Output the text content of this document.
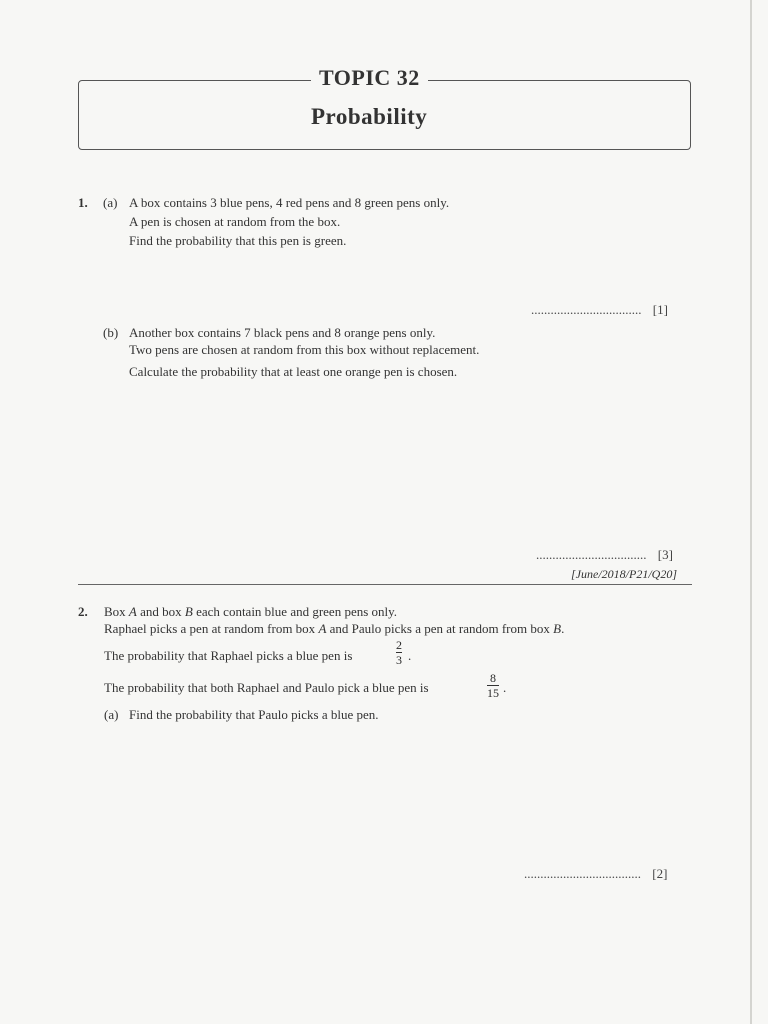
TOPIC 32
Probability
1. (a) A box contains 3 blue pens, 4 red pens and 8 green pens only.
A pen is chosen at random from the box.
Find the probability that this pen is green.
.................................. [1]
(b) Another box contains 7 black pens and 8 orange pens only.
Two pens are chosen at random from this box without replacement.
Calculate the probability that at least one orange pen is chosen.
.................................. [3]
[June/2018/P21/Q20]
2. Box A and box B each contain blue and green pens only.
Raphael picks a pen at random from box A and Paulo picks a pen at random from box B.
The probability that Raphael picks a blue pen is
2
3 .
The probability that both Raphael and Paulo pick a blue pen is
8
15 .
(a) Find the probability that Paulo picks a blue pen.
.................................... [2]
